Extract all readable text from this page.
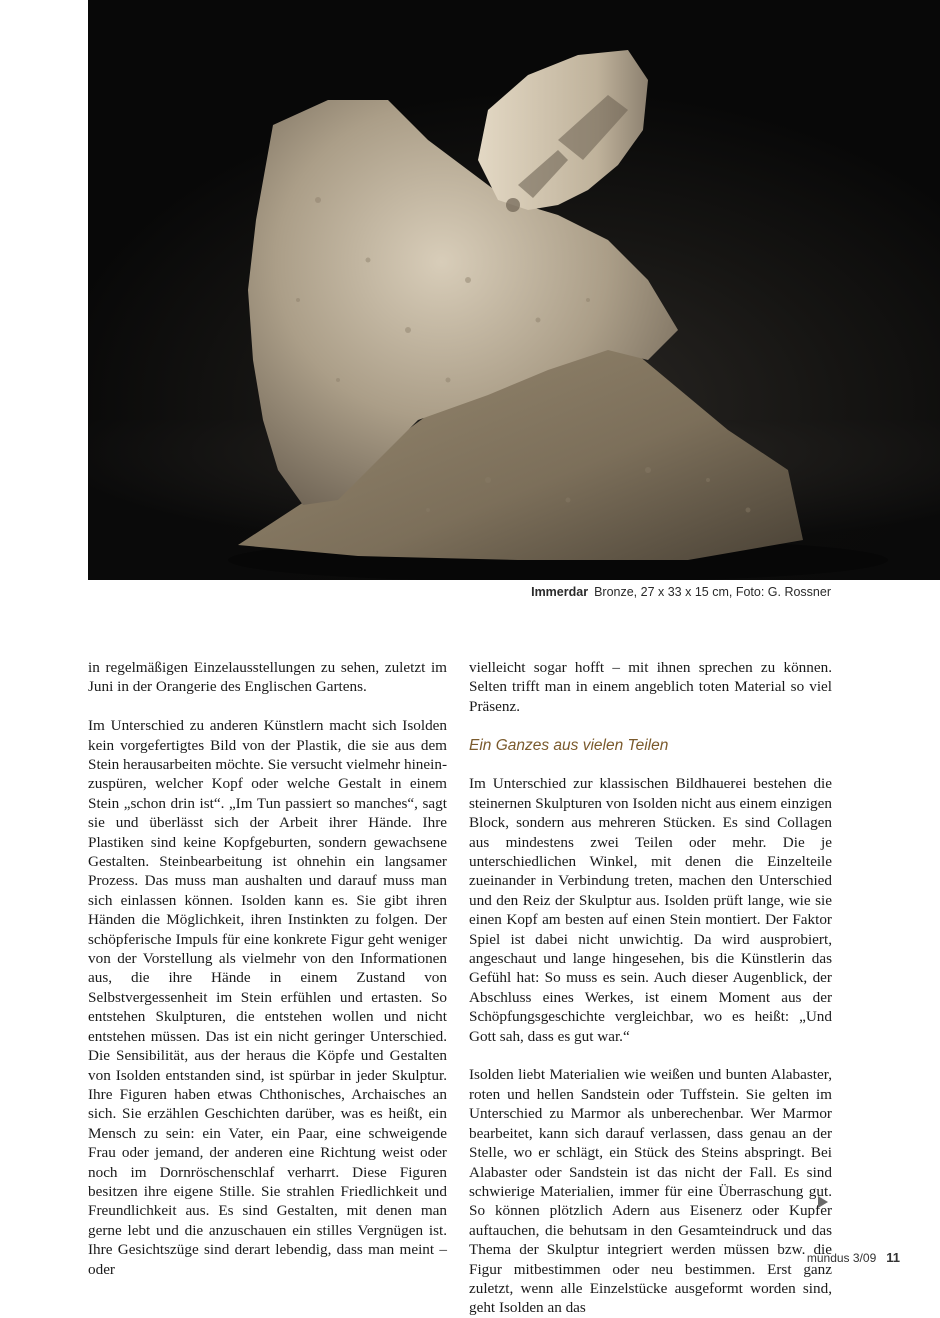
Immerdar Bronze, 27 x 33 x 15 cm, Foto: G. Rossner

in regelmäßigen Einzelausstellungen zu sehen, zuletzt im Juni in der Orangerie des Englischen Gartens.

Im Unterschied zu anderen Künstlern macht sich Isolden kein vorgefertigtes Bild von der Plastik, die sie aus dem Stein herausarbeiten möchte. Sie versucht vielmehr hineinzuspüren, welcher Kopf oder welche Gestalt in einem Stein „schon drin ist“. „Im Tun passiert so manches“, sagt sie und überlässt sich der Arbeit ihrer Hände. Ihre Plastiken sind keine Kopfgeburten, sondern gewachsene Gestalten. Steinbearbeitung ist ohnehin ein langsamer Prozess. Das muss man aushalten und darauf muss man sich einlassen können. Isolden kann es. Sie gibt ihren Händen die Möglichkeit, ihren Instinkten zu folgen. Der schöpferische Impuls für eine konkrete Figur geht weniger von der Vorstellung als vielmehr von den Informationen aus, die ihre Hände in einem Zustand von Selbstvergessenheit im Stein erfühlen und ertasten. So entstehen Skulpturen, die entstehen wollen und nicht entstehen müssen. Das ist ein nicht geringer Unterschied. Die Sensibilität, aus der heraus die Köpfe und Gestalten von Isolden entstanden sind, ist spürbar in jeder Skulptur. Ihre Figuren haben etwas Chthonisches, Archaisches an sich. Sie erzählen Geschichten darüber, was es heißt, ein Mensch zu sein: ein Vater, ein Paar, eine schweigende Frau oder jemand, der anderen eine Richtung weist oder noch im Dornröschenschlaf verharrt. Diese Figuren besitzen ihre eigene Stille. Sie strahlen Friedlichkeit und Freundlichkeit aus. Es sind Gestalten, mit denen man gerne lebt und die anzuschauen ein stilles Vergnügen ist. Ihre Gesichtszüge sind derart lebendig, dass man meint – oder

vielleicht sogar hofft – mit ihnen sprechen zu können. Selten trifft man in einem angeblich toten Material so viel Präsenz.

Ein Ganzes aus vielen Teilen

Im Unterschied zur klassischen Bildhauerei bestehen die steinernen Skulpturen von Isolden nicht aus einem einzigen Block, sondern aus mehreren Stücken. Es sind Collagen aus mindestens zwei Teilen oder mehr. Die je unterschiedlichen Winkel, mit denen die Einzelteile zueinander in Verbindung treten, machen den Unterschied und den Reiz der Skulptur aus. Isolden prüft lange, wie sie einen Kopf am besten auf einen Stein montiert. Der Faktor Spiel ist dabei nicht unwichtig. Da wird ausprobiert, angeschaut und lange hingesehen, bis die Künstlerin das Gefühl hat: So muss es sein. Auch dieser Augenblick, der Abschluss eines Werkes, ist einem Moment aus der Schöpfungsgeschichte vergleichbar, wo es heißt: „Und Gott sah, dass es gut war.“

Isolden liebt Materialien wie weißen und bunten Alabaster, roten und hellen Sandstein oder Tuffstein. Sie gelten im Unterschied zu Marmor als unberechenbar. Wer Marmor bearbeitet, kann sich darauf verlassen, dass genau an der Stelle, wo er schlägt, ein Stück des Steins abspringt. Bei Alabaster oder Sandstein ist das nicht der Fall. Es sind schwierige Materialien, immer für eine Überraschung gut. So können plötzlich Adern aus Eisenerz oder Kupfer auftauchen, die behutsam in den Gesamteindruck und das Thema der Skulptur integriert werden müssen bzw. die Figur mitbestimmen oder neu bestimmen. Erst ganz zuletzt, wenn alle Einzelstücke ausgeformt worden sind, geht Isolden an das

mundus 3/09 11
